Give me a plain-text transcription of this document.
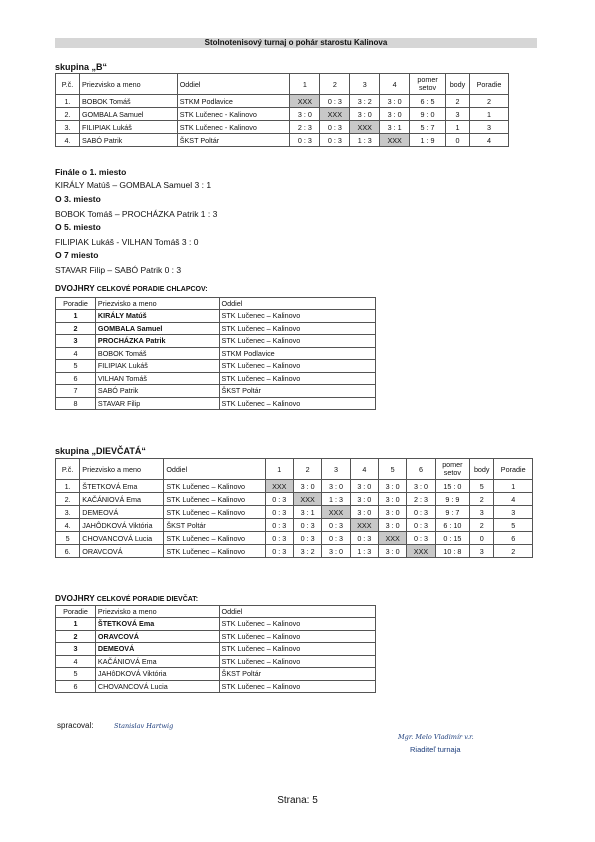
Stolnotenisový turnaj o pohár starostu Kalinova
skupina „B“
P.č.	Priezvisko a meno	Oddiel	1	2	3	4	pomer setov	body	Poradie
1.	BOBOK Tomáš	STKM Podlavice	XXX	0 : 3	3 : 2	3 : 0	6 : 5	2	2
2.	GOMBALA Samuel	STK Lučenec - Kalinovo	3 : 0	XXX	3 : 0	3 : 0	9 : 0	3	1
3.	FILIPIAK Lukáš	STK Lučenec - Kalinovo	2 : 3	0 : 3	XXX	3 : 1	5 : 7	1	3
4.	SABÓ Patrik	ŠKST Poltár	0 : 3	0 : 3	1 : 3	XXX	1 : 9	0	4
Finále o 1. miesto
KIRÁLY Matúš – GOMBALA Samuel 3 : 1
O 3. miesto
BOBOK Tomáš – PROCHÁZKA Patrik 1 : 3
O 5. miesto
FILIPIAK Lukáš - VILHAN Tomáš 3 : 0
O 7 miesto
STAVAR Filip – SABÓ Patrik 0 : 3
DVOJHRY CELKOVÉ PORADIE CHLAPCOV:
Poradie	Priezvisko a meno	Oddiel
1	KIRÁLY Matúš	STK Lučenec – Kalinovo
2	GOMBALA Samuel	STK Lučenec – Kalinovo
3	PROCHÁZKA Patrik	STK Lučenec – Kalinovo
4	BOBOK Tomáš	STKM Podlavice
5	FILIPIAK Lukáš	STK Lučenec – Kalinovo
6	VILHAN Tomáš	STK Lučenec – Kalinovo
7	SABÓ Patrik	ŠKST Poltár
8	STAVAR Filip	STK Lučenec – Kalinovo
skupina „DIEVČATÁ“
P.č.	Priezvisko a meno	Oddiel	1	2	3	4	5	6	pomer setov	body	Poradie
1.	ŠTETKOVÁ Ema	STK Lučenec – Kalinovo	XXX	3 : 0	3 : 0	3 : 0	3 : 0	3 : 0	15 : 0	5	1
2.	KAČÁNIOVÁ Ema	STK Lučenec – Kalinovo	0 : 3	XXX	1 : 3	3 : 0	3 : 0	2 : 3	9 : 9	2	4
3.	DEMEOVÁ	STK Lučenec – Kalinovo	0 : 3	3 : 1	XXX	3 : 0	3 : 0	0 : 3	9 : 7	3	3
4.	JAHÔDKOVÁ Viktória	ŠKST Poltár	0 : 3	0 : 3	0 : 3	XXX	3 : 0	0 : 3	6 : 10	2	5
5	CHOVANCOVÁ Lucia	STK Lučenec – Kalinovo	0 : 3	0 : 3	0 : 3	0 : 3	XXX	0 : 3	0 : 15	0	6
6.	ORAVCOVÁ	STK Lučenec – Kalinovo	0 : 3	3 : 2	3 : 0	1 : 3	3 : 0	XXX	10 : 8	3	2
DVOJHRY CELKOVÉ PORADIE DIEVČAT:
Poradie	Priezvisko a meno	Oddiel
1	ŠTETKOVÁ Ema	STK Lučenec – Kalinovo
2	ORAVCOVÁ	STK Lučenec – Kalinovo
3	DEMEOVÁ	STK Lučenec – Kalinovo
4	KAČÁNIOVÁ Ema	STK Lučenec – Kalinovo
5	JAHôDKOVÁ Viktória	ŠKST Poltár
6	CHOVANCOVÁ Lucia	STK Lučenec – Kalinovo
spracoval:	Stanislav Hartwig
Mgr. Melo Vladimír v.r.
Riaditeľ turnaja
Strana: 5
